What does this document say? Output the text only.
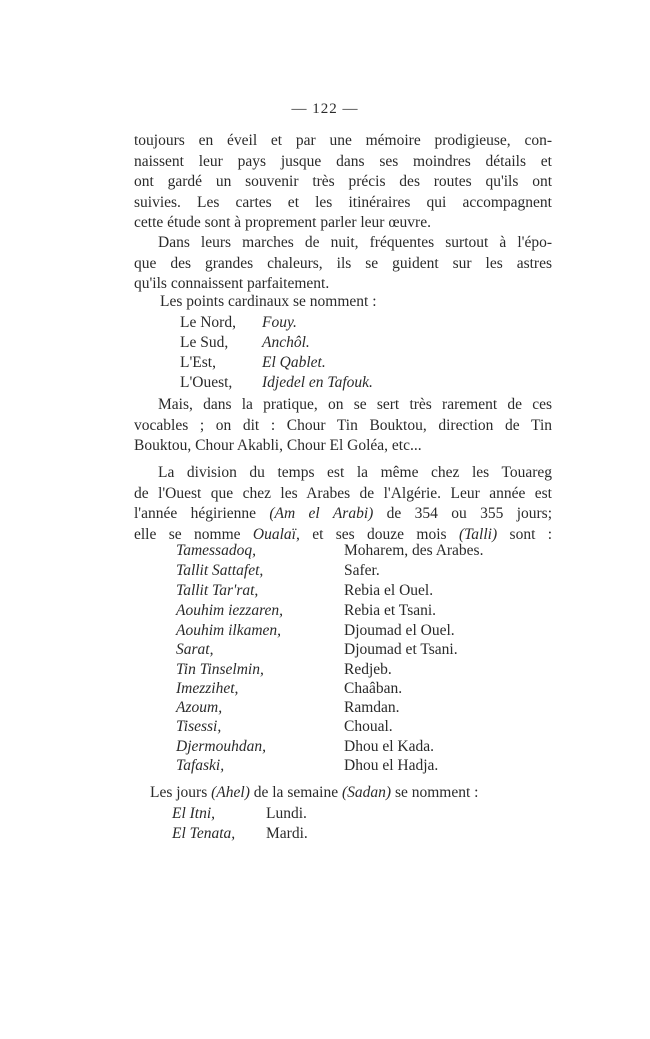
— 122 —
toujours en éveil et par une mémoire prodigieuse, con-
naissent leur pays jusque dans ses moindres détails et
ont gardé un souvenir très précis des routes qu'ils ont
suivies. Les cartes et les itinéraires qui accompagnent
cette étude sont à proprement parler leur œuvre.
Dans leurs marches de nuit, fréquentes surtout à l'épo-
que des grandes chaleurs, ils se guident sur les astres
qu'ils connaissent parfaitement.
Les points cardinaux se nomment :
Le Nord, Fouy.
Le Sud, Anchôl.
L'Est,	El Qablet.
L'Ouest, Idjedel en Tafouk.
Mais, dans la pratique, on se sert très rarement de ces
vocables ; on dit : Chour Tin Bouktou, direction de Tin
Bouktou, Chour Akabli, Chour El Goléa, etc...
La division du temps est la même chez les Touareg
de l'Ouest que chez les Arabes de l'Algérie. Leur année est
l'année hégirienne (Am el Arabi) de 354 ou 355 jours;
elle se nomme Oualaï, et ses douze mois (Talli) sont :
Tamessadoq,	Moharem, des Arabes.
Tallit Sattafet,	Safer.
Tallit Tar'rat,	Rebia el Ouel.
Aouhim iezzaren,	Rebia et Tsani.
Aouhim ilkamen,	Djoumad el Ouel.
Sarat,	Djoumad et Tsani.
Tin Tinselmin,	Redjeb.
Imezzihet,	Chaâban.
Azoum,	Ramdan.
Tisessi,	Choual.
Djermouhdan,	Dhou el Kada.
Tafaski,	Dhou el Hadja.
Les jours (Ahel) de la semaine (Sadan) se nomment :
El Itni,	Lundi.
El Tenata, Mardi.
